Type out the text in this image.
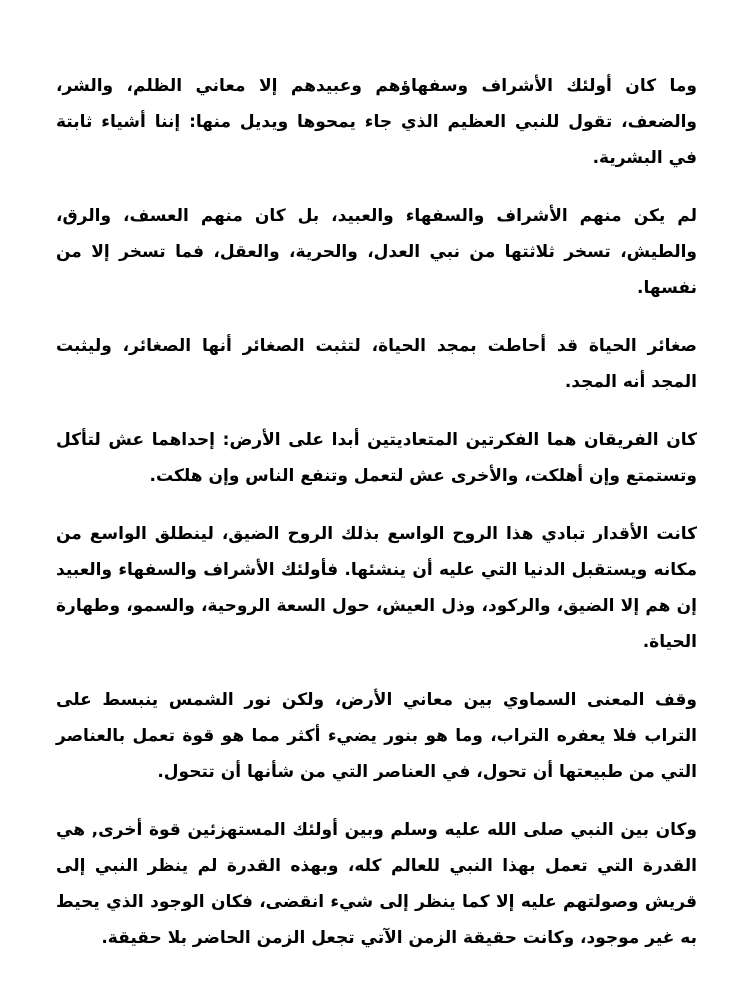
وما كان أولئك الأشراف وسفهاؤهم وعبيدهم إلا معاني الظلم، والشر، والضعف، تقول للنبي العظيم الذي جاء يمحوها ويديل منها: إننا أشياء ثابتة في البشرية.

لم يكن منهم الأشراف والسفهاء والعبيد، بل كان منهم العسف، والرق، والطيش، تسخر ثلاثتها من نبي العدل، والحرية، والعقل، فما تسخر إلا من نفسها.

صغائر الحياة قد أحاطت بمجد الحياة، لتثبت الصغائر أنها الصغائر، وليثبت المجد أنه المجد.

كان الفريقان هما الفكرتين المتعاديتين أبدا على الأرض: إحداهما عش لتأكل وتستمتع وإن أهلكت، والأخرى عش لتعمل وتنفع الناس وإن هلكت.

كانت الأقدار تبادي هذا الروح الواسع بذلك الروح الضيق، لينطلق الواسع من مكانه ويستقبل الدنيا التي عليه أن ينشئها. فأولئك الأشراف والسفهاء والعبيد إن هم إلا الضيق، والركود، وذل العيش، حول السعة الروحية، والسمو، وطهارة الحياة.

وقف المعنى السماوي بين معاني الأرض، ولكن نور الشمس ينبسط على التراب فلا يعفره التراب، وما هو بنور يضيء أكثر مما هو قوة تعمل بالعناصر التي من طبيعتها أن تحول، في العناصر التي من شأنها أن تتحول.

وكان بين النبي صلى الله عليه وسلم وبين أولئك المستهزئين قوة أخرى, هي القدرة التي تعمل بهذا النبي للعالم كله، وبهذه القدرة لم ينظر النبي إلى قريش وصولتهم عليه إلا كما ينظر إلى شيء انقضى، فكان الوجود الذي يحيط به غير موجود، وكانت حقيقة الزمن الآتي تجعل الزمن الحاضر بلا حقيقة.
